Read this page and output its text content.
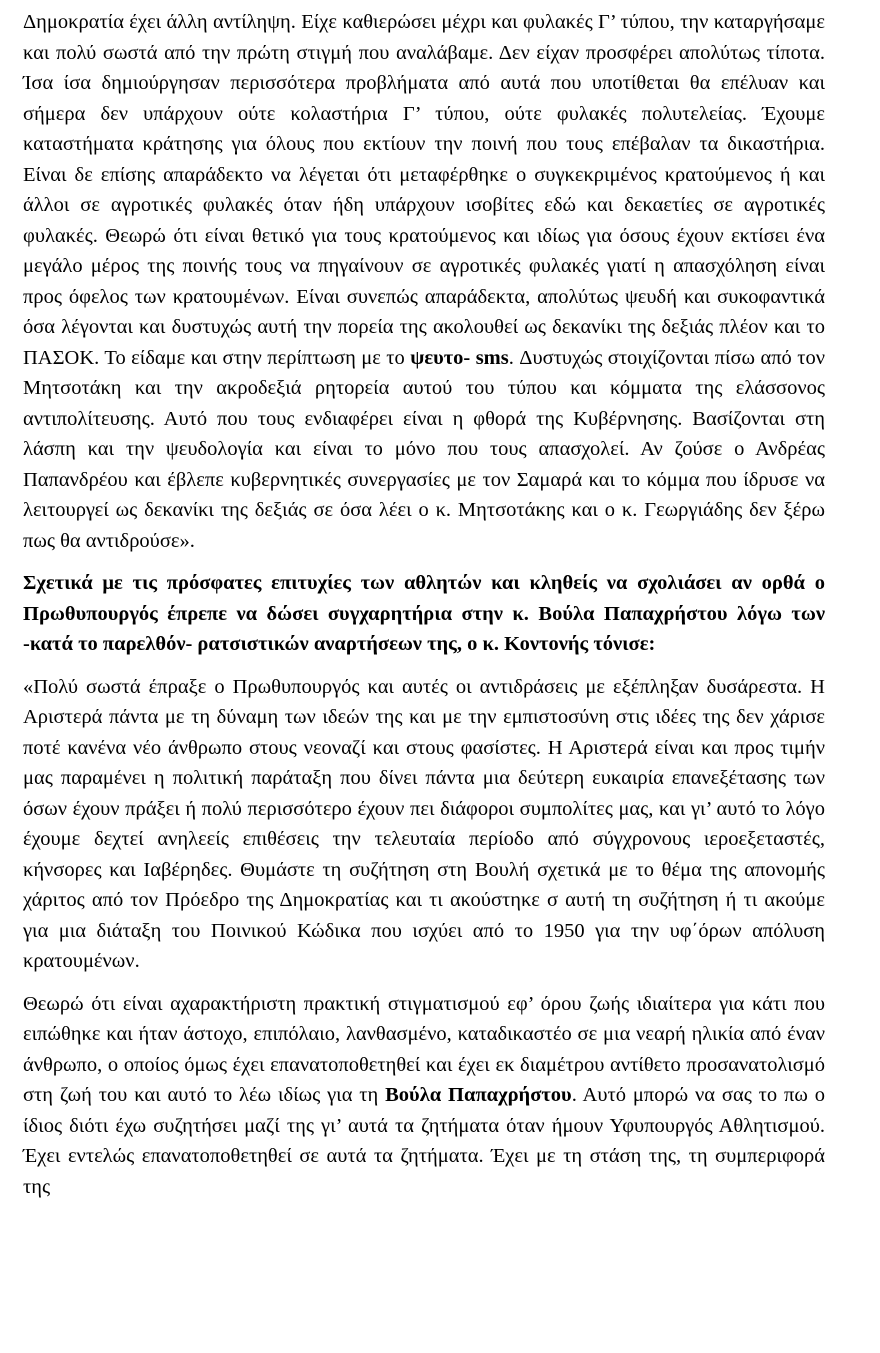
Δημοκρατία έχει άλλη αντίληψη. Είχε καθιερώσει μέχρι και φυλακές Γ’ τύπου, την καταργήσαμε και πολύ σωστά από την πρώτη στιγμή που αναλάβαμε. Δεν είχαν προσφέρει απολύτως τίποτα. Ίσα ίσα δημιούργησαν περισσότερα προβλήματα από αυτά που υποτίθεται θα επέλυαν και σήμερα δεν υπάρχουν ούτε κολαστήρια Γ’ τύπου, ούτε φυλακές πολυτελείας. Έχουμε καταστήματα κράτησης για όλους που εκτίουν την ποινή που τους επέβαλαν τα δικαστήρια. Είναι δε επίσης απαράδεκτο να λέγεται ότι μεταφέρθηκε ο συγκεκριμένος κρατούμενος ή και άλλοι σε αγροτικές φυλακές όταν ήδη υπάρχουν ισοβίτες εδώ και δεκαετίες σε αγροτικές φυλακές. Θεωρώ ότι είναι θετικό για τους κρατούμενος και ιδίως για όσους έχουν εκτίσει ένα μεγάλο μέρος της ποινής τους να πηγαίνουν σε αγροτικές φυλακές γιατί η απασχόληση είναι προς όφελος των κρατουμένων. Είναι συνεπώς απαράδεκτα, απολύτως ψευδή και συκοφαντικά όσα λέγονται και δυστυχώς αυτή την πορεία της ακολουθεί ως δεκανίκι της δεξιάς πλέον και το ΠΑΣΟΚ. Το είδαμε και στην περίπτωση με το ψευτο- sms. Δυστυχώς στοιχίζονται πίσω από τον Μητσοτάκη και την ακροδεξιά ρητορεία αυτού του τύπου και κόμματα της ελάσσονος αντιπολίτευσης. Αυτό που τους ενδιαφέρει είναι η φθορά της Κυβέρνησης. Βασίζονται στη λάσπη και την ψευδολογία και είναι το μόνο που τους απασχολεί. Αν ζούσε ο Ανδρέας Παπανδρέου και έβλεπε κυβερνητικές συνεργασίες με τον Σαμαρά και το κόμμα που ίδρυσε να λειτουργεί ως δεκανίκι της δεξιάς σε όσα λέει ο κ. Μητσοτάκης και ο κ. Γεωργιάδης δεν ξέρω πως θα αντιδρούσε».

Σχετικά με τις πρόσφατες επιτυχίες των αθλητών και κληθείς να σχολιάσει αν ορθά ο Πρωθυπουργός έπρεπε να δώσει συγχαρητήρια στην κ. Βούλα Παπαχρήστου λόγω των -κατά το παρελθόν- ρατσιστικών αναρτήσεων της, ο κ. Κοντονής τόνισε:

«Πολύ σωστά έπραξε ο Πρωθυπουργός και αυτές οι αντιδράσεις με εξέπληξαν δυσάρεστα. Η Αριστερά πάντα με τη δύναμη των ιδεών της και με την εμπιστοσύνη στις ιδέες της δεν χάρισε ποτέ κανένα νέο άνθρωπο στους νεοναζί και στους φασίστες. Η Αριστερά είναι και προς τιμήν μας παραμένει η πολιτική παράταξη που δίνει πάντα μια δεύτερη ευκαιρία επανεξέτασης των όσων έχουν πράξει ή πολύ περισσότερο έχουν πει διάφοροι συμπολίτες μας, και γι’ αυτό το λόγο έχουμε δεχτεί ανηλεείς επιθέσεις την τελευταία περίοδο από σύγχρονους ιεροεξεταστές, κήνσορες και Ιαβέρηδες. Θυμάστε τη συζήτηση στη Βουλή σχετικά με το θέμα της απονομής χάριτος από τον Πρόεδρο της Δημοκρατίας και τι ακούστηκε σ αυτή τη συζήτηση ή τι ακούμε για μια διάταξη του Ποινικού Κώδικα που ισχύει από το 1950 για την υφ΄όρων απόλυση κρατουμένων.

Θεωρώ ότι είναι αχαρακτήριστη πρακτική στιγματισμού εφ’ όρου ζωής ιδιαίτερα για κάτι που ειπώθηκε και ήταν άστοχο, επιπόλαιο, λανθασμένο, καταδικαστέο σε μια νεαρή ηλικία από έναν άνθρωπο, ο οποίος όμως έχει επανατοποθετηθεί και έχει εκ διαμέτρου αντίθετο προσανατολισμό στη ζωή του και αυτό το λέω ιδίως για τη Βούλα Παπαχρήστου. Αυτό μπορώ να σας το πω ο ίδιος διότι έχω συζητήσει μαζί της γι’ αυτά τα ζητήματα όταν ήμουν Υφυπουργός Αθλητισμού. Έχει εντελώς επανατοποθετηθεί σε αυτά τα ζητήματα. Έχει με τη στάση της, τη συμπεριφορά της
